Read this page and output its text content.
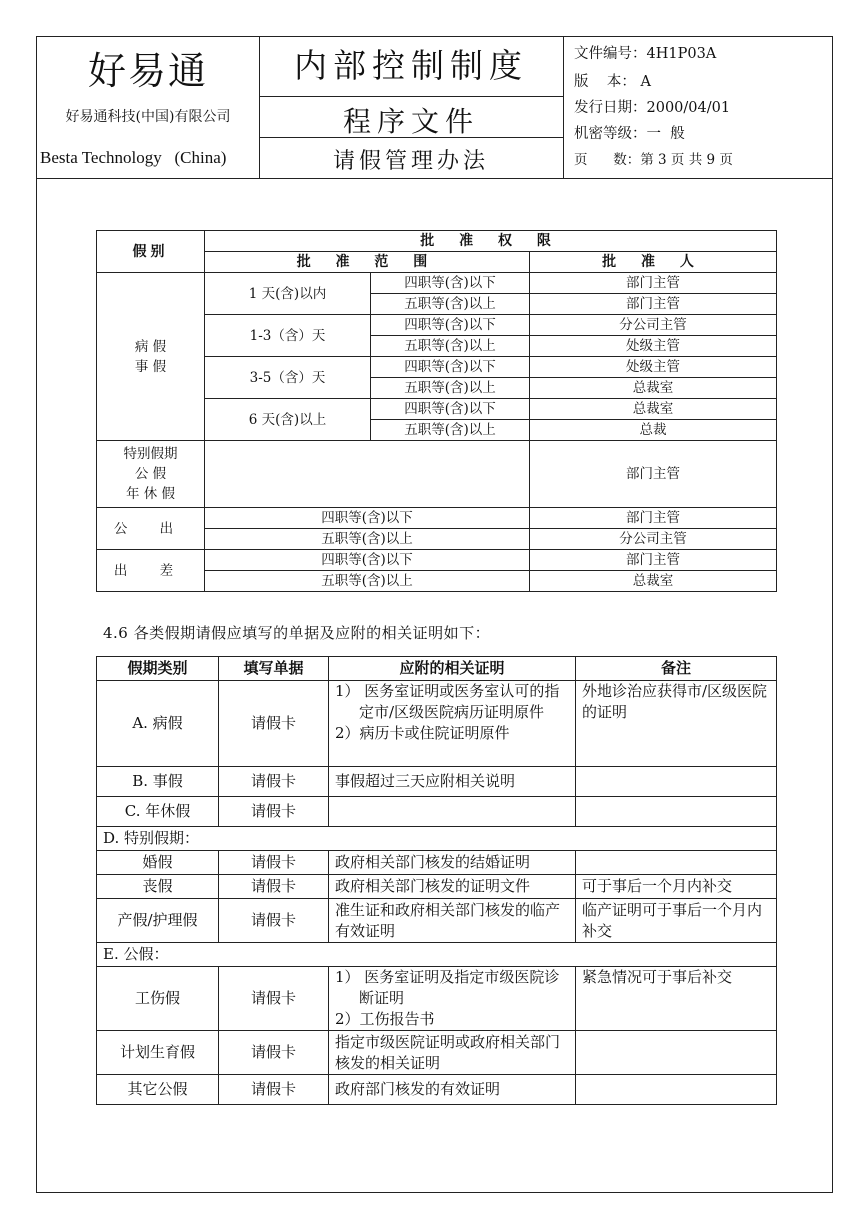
好易通
好易通科技(中国)有限公司
Besta Technology   (China)
内部控制制度
程序文件
请假管理办法
文件编号：4H1P03A
版    本： A
发行日期：2000/04/01
机密等级：一  般
页      数：第 3 页 共 9 页
假别	批 准 权 限		
	批 准 范 围		批 准 人
病 假
事 假	1 天(含)以内	四职等(含)以下	部门主管
		五职等(含)以上	部门主管
	1-3（含）天	四职等(含)以下	分公司主管
		五职等(含)以上	处级主管
	3-5（含）天	四职等(含)以下	处级主管
		五职等(含)以上	总裁室
	6 天(含)以上	四职等(含)以下	总裁室
		五职等(含)以上	总裁
特别假期
公 假
年 休 假			部门主管
公 出	四职等(含)以下		部门主管
	五职等(含)以上		分公司主管
出 差	四职等(含)以下		部门主管
	五职等(含)以上		总裁室
4.6 各类假期请假应填写的单据及应附的相关证明如下：
假期类别	填写单据	应附的相关证明	备注
A. 病假	请假卡	1） 医务室证明或医务室认可的指定市/区级医院病历证明原件
2）病历卡或住院证明原件	外地诊治应获得市/区级医院的证明
B. 事假	请假卡	事假超过三天应附相关说明	
C. 年休假	请假卡		
D. 特别假期：			
婚假	请假卡	政府相关部门核发的结婚证明	
丧假	请假卡	政府相关部门核发的证明文件	可于事后一个月内补交
产假/护理假	请假卡	准生证和政府相关部门核发的临产有效证明	临产证明可于事后一个月内补交
E. 公假：			
工伤假	请假卡	1） 医务室证明及指定市级医院诊断证明
2）工伤报告书	紧急情况可于事后补交
计划生育假	请假卡	指定市级医院证明或政府相关部门核发的相关证明	
其它公假	请假卡	政府部门核发的有效证明	
